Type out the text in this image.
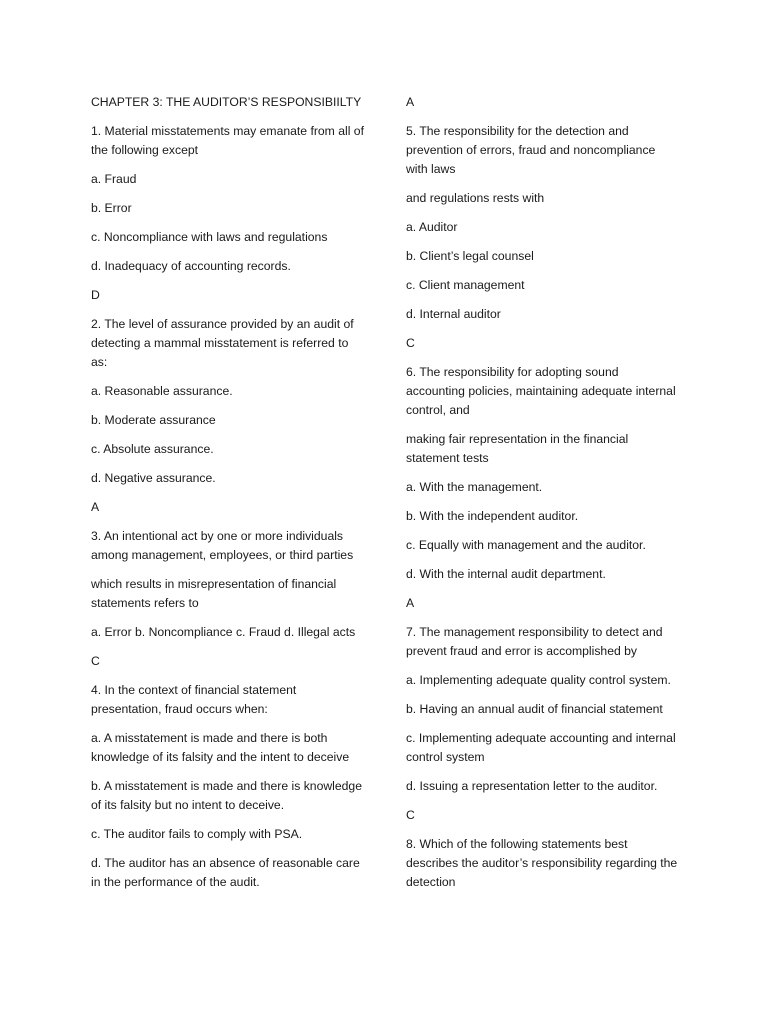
CHAPTER 3: THE AUDITOR’S RESPONSIBIILTY
1. Material misstatements may emanate from all of the following except
a. Fraud
b. Error
c. Noncompliance with laws and regulations
d. Inadequacy of accounting records.
D
2. The level of assurance provided by an audit of detecting a mammal misstatement is referred to as:
a. Reasonable assurance.
b. Moderate assurance
c. Absolute assurance.
d. Negative assurance.
A
3. An intentional act by one or more individuals among management, employees, or third parties
which results in misrepresentation of financial statements refers to
a. Error b. Noncompliance c. Fraud d. Illegal acts
C
4. In the context of financial statement presentation, fraud occurs when:
a. A misstatement is made and there is both knowledge of its falsity and the intent to deceive
b. A misstatement is made and there is knowledge of its falsity but no intent to deceive.
c. The auditor fails to comply with PSA.
d. The auditor has an absence of reasonable care in the performance of the audit.
A
5. The responsibility for the detection and prevention of errors, fraud and noncompliance with laws
and regulations rests with
a. Auditor
b. Client’s legal counsel
c. Client management
d. Internal auditor
C
6. The responsibility for adopting sound accounting policies, maintaining adequate internal control, and
making fair representation in the financial statement tests
a. With the management.
b. With the independent auditor.
c. Equally with management and the auditor.
d. With the internal audit department.
A
7. The management responsibility to detect and prevent fraud and error is accomplished by
a. Implementing adequate quality control system.
b. Having an annual audit of financial statement
c. Implementing adequate accounting and internal control system
d. Issuing a representation letter to the auditor.
C
8. Which of the following statements best describes the auditor’s responsibility regarding the detection
